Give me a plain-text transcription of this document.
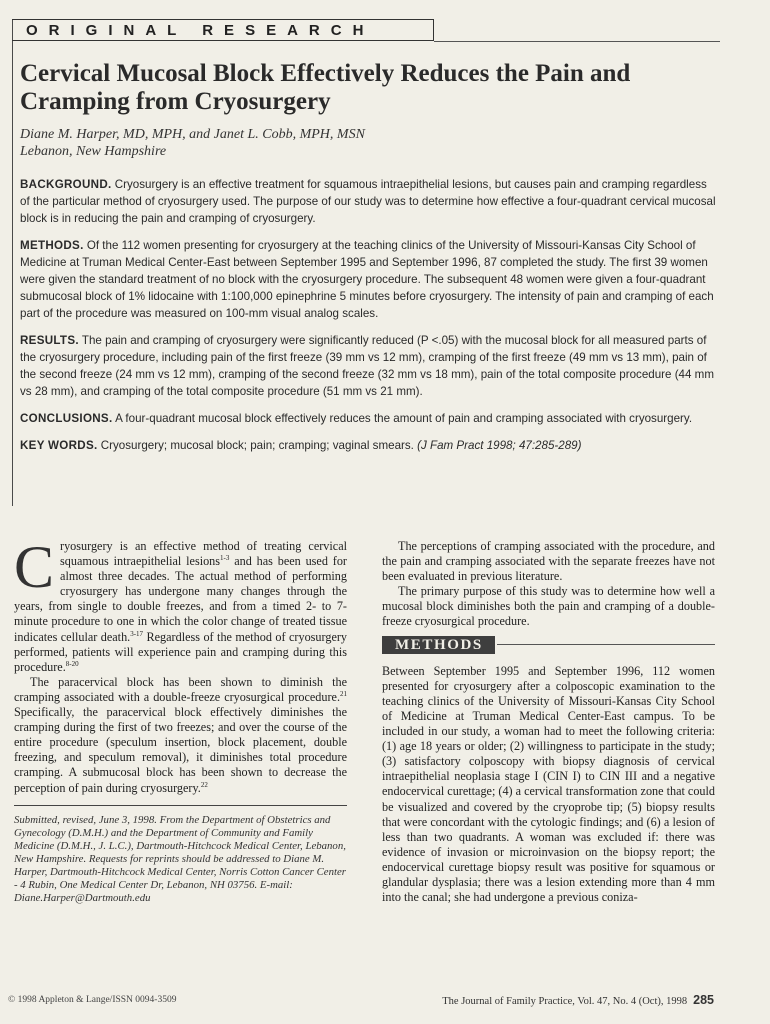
ORIGINAL RESEARCH
Cervical Mucosal Block Effectively Reduces the Pain and Cramping from Cryosurgery
Diane M. Harper, MD, MPH, and Janet L. Cobb, MPH, MSN
Lebanon, New Hampshire

BACKGROUND. Cryosurgery is an effective treatment for squamous intraepithelial lesions, but causes pain and cramping regardless of the particular method of cryosurgery used. The purpose of our study was to determine how effective a four-quadrant cervical mucosal block is in reducing the pain and cramping of cryosurgery.

METHODS. Of the 112 women presenting for cryosurgery at the teaching clinics of the University of Missouri-Kansas City School of Medicine at Truman Medical Center-East between September 1995 and September 1996, 87 completed the study. The first 39 women were given the standard treatment of no block with the cryosurgery procedure. The subsequent 48 women were given a four-quadrant submucosal block of 1% lidocaine with 1:100,000 epinephrine 5 minutes before cryosurgery. The intensity of pain and cramping of each part of the procedure was measured on 100-mm visual analog scales.

RESULTS. The pain and cramping of cryosurgery were significantly reduced (P <.05) with the mucosal block for all measured parts of the cryosurgery procedure, including pain of the first freeze (39 mm vs 12 mm), cramping of the first freeze (49 mm vs 13 mm), pain of the second freeze (24 mm vs 12 mm), cramping of the second freeze (32 mm vs 18 mm), pain of the total composite procedure (44 mm vs 28 mm), and cramping of the total composite procedure (51 mm vs 21 mm).

CONCLUSIONS. A four-quadrant mucosal block effectively reduces the amount of pain and cramping associated with cryosurgery.

KEY WORDS. Cryosurgery; mucosal block; pain; cramping; vaginal smears. (J Fam Pract 1998; 47:285-289)

Cryosurgery is an effective method of treating cervical squamous intraepithelial lesions$^{1-3}$ and has been used for almost three decades. The actual method of performing cryosurgery has undergone many changes through the years, from single to double freezes, and from a timed 2- to 7-minute procedure to one in which the color change of treated tissue indicates cellular death.$^{3-17}$ Regardless of the method of cryosurgery performed, patients will experience pain and cramping during this procedure.$^{8-20}$

The paracervical block has been shown to diminish the cramping associated with a double-freeze cryosurgical procedure.$^{21}$ Specifically, the paracervical block effectively diminishes the cramping during the first of two freezes; and over the course of the entire procedure (speculum insertion, block placement, double freezing, and speculum removal), it diminishes total procedure cramping. A submucosal block has been shown to decrease the perception of pain during cryosurgery.$^{22}$

Submitted, revised, June 3, 1998. From the Department of Obstetrics and Gynecology (D.M.H.) and the Department of Community and Family Medicine (D.M.H., J. L.C.), Dartmouth-Hitchcock Medical Center, Lebanon, New Hampshire. Requests for reprints should be addressed to Diane M. Harper, Dartmouth-Hitchcock Medical Center, Norris Cotton Cancer Center - 4 Rubin, One Medical Center Dr, Lebanon, NH 03756. E-mail: Diane.Harper@Dartmouth.edu

The perceptions of cramping associated with the procedure, and the pain and cramping associated with the separate freezes have not been evaluated in previous literature.

The primary purpose of this study was to determine how well a mucosal block diminishes both the pain and cramping of a double-freeze cryosurgical procedure.

METHODS

Between September 1995 and September 1996, 112 women presented for cryosurgery after a colposcopic examination to the teaching clinics of the University of Missouri-Kansas City School of Medicine at Truman Medical Center-East campus. To be included in our study, a woman had to meet the following criteria: (1) age 18 years or older; (2) willingness to participate in the study; (3) satisfactory colposcopy with biopsy diagnosis of cervical intraepithelial neoplasia stage I (CIN I) to CIN III and a negative endocervical curettage; (4) a cervical transformation zone that could be visualized and covered by the cryoprobe tip; (5) biopsy results that were concordant with the cytologic findings; and (6) a lesion of less than two quadrants. A woman was excluded if: there was evidence of invasion or microinvasion on the biopsy report; the endocervical curettage biopsy result was positive for squamous or glandular dysplasia; there was a lesion extending more than 4 mm into the canal; she had undergone a previous coniza-

© 1998 Appleton & Lange/ISSN 0094-3509	The Journal of Family Practice, Vol. 47, No. 4 (Oct), 1998 285
